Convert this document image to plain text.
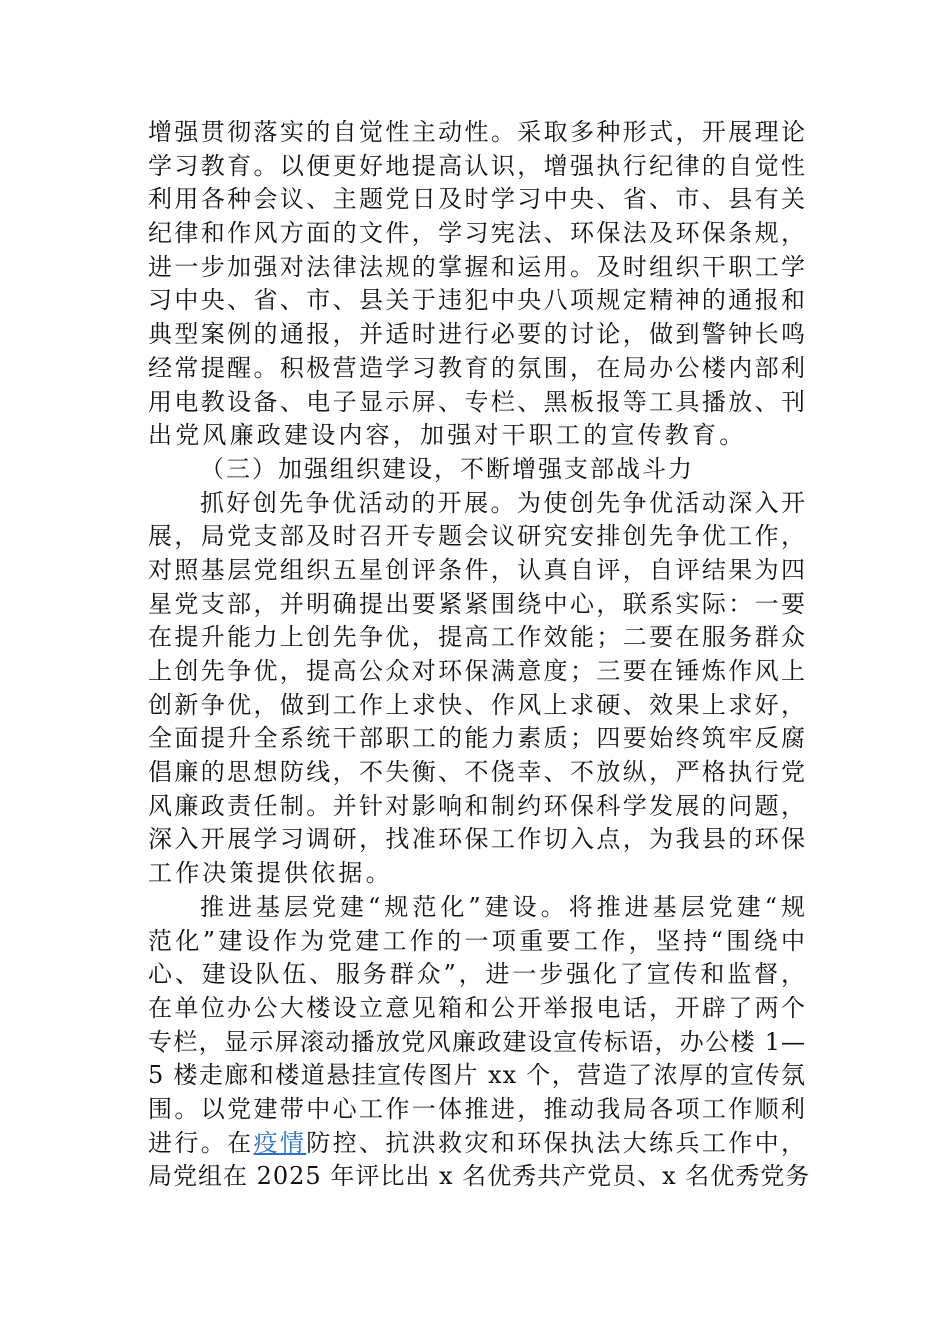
增强贯彻落实的自觉性主动性。采取多种形式，开展理论
学习教育。以便更好地提高认识，增强执行纪律的自觉性
利用各种会议、主题党日及时学习中央、省、市、县有关
纪律和作风方面的文件，学习宪法、环保法及环保条规，
进一步加强对法律法规的掌握和运用。及时组织干职工学
习中央、省、市、县关于违犯中央八项规定精神的通报和
典型案例的通报，并适时进行必要的讨论，做到警钟长鸣
经常提醒。积极营造学习教育的氛围，在局办公楼内部利
用电教设备、电子显示屏、专栏、黑板报等工具播放、刊
出党风廉政建设内容，加强对干职工的宣传教育。
（三）加强组织建设，不断增强支部战斗力
抓好创先争优活动的开展。为使创先争优活动深入开
展，局党支部及时召开专题会议研究安排创先争优工作，
对照基层党组织五星创评条件，认真自评，自评结果为四
星党支部，并明确提出要紧紧围绕中心，联系实际：一要
在提升能力上创先争优，提高工作效能；二要在服务群众
上创先争优，提高公众对环保满意度；三要在锤炼作风上
创新争优，做到工作上求快、作风上求硬、效果上求好，
全面提升全系统干部职工的能力素质；四要始终筑牢反腐
倡廉的思想防线，不失衡、不侥幸、不放纵，严格执行党
风廉政责任制。并针对影响和制约环保科学发展的问题，
深入开展学习调研，找准环保工作切入点，为我县的环保
工作决策提供依据。
推进基层党建“规范化”建设。将推进基层党建“规
范化”建设作为党建工作的一项重要工作，坚持“围绕中
心、建设队伍、服务群众”，进一步强化了宣传和监督，
在单位办公大楼设立意见箱和公开举报电话，开辟了两个
专栏，显示屏滚动播放党风廉政建设宣传标语，办公楼 1—
5 楼走廊和楼道悬挂宣传图片 xx 个，营造了浓厚的宣传氛
围。以党建带中心工作一体推进，推动我局各项工作顺利
进行。在疫情防控、抗洪救灾和环保执法大练兵工作中，
局党组在 2025 年评比出 x 名优秀共产党员、x 名优秀党务
